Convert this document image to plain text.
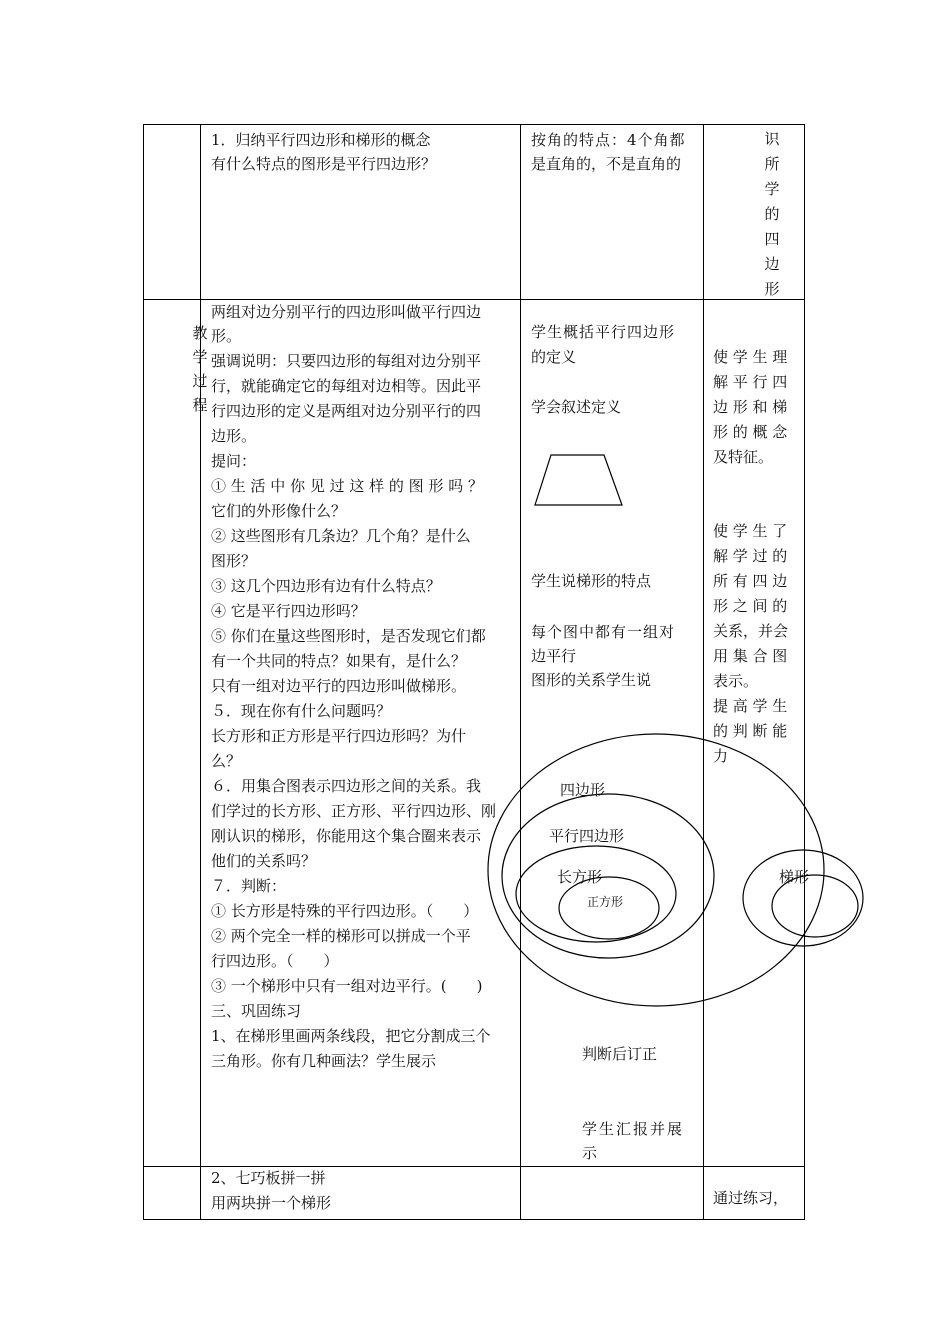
1．归纳平行四边形和梯形的概念
有什么特点的图形是平行四边形？
按角的特点：4个角都
是直角的，不是直角的
识
所
学
的
四
边
形
教
学
过
程
两组对边分别平行的四边形叫做平行四边
形。
强调说明：只要四边形的每组对边分别平
行，就能确定它的每组对边相等。因此平
行四边形的定义是两组对边分别平行的四
边形。
提问：
① 生 活 中 你 见 过 这 样 的 图 形 吗 ？
它们的外形像什么？
② 这些图形有几条边？几个角？是什么
图形？
③ 这几个四边形有边有什么特点？
④ 它是平行四边形吗？
⑤ 你们在量这些图形时，是否发现它们都
有一个共同的特点？如果有，是什么？
只有一组对边平行的四边形叫做梯形。
５．现在你有什么问题吗？
长方形和正方形是平行四边形吗？为什
么？
６．用集合图表示四边形之间的关系。我
们学过的长方形、正方形、平行四边形、刚
刚认识的梯形，你能用这个集合圈来表示
他们的关系吗？
７．判断：
① 长方形是特殊的平行四边形。（　　）
② 两个完全一样的梯形可以拼成一个平
行四边形。（　　）
③ 一个梯形中只有一组对边平行。(　　)
三、巩固练习
1、在梯形里画两条线段，把它分割成三个
三角形。你有几种画法？学生展示
学生概括平行四边形
的定义
学会叙述定义
学生说梯形的特点
每个图中都有一组对
边平行
图形的关系学生说
判断后订正
学生汇报并展
示
使 学 生 理
解 平 行 四
边 形 和 梯
形 的 概 念
及特征。
使 学 生 了
解 学 过 的
所 有 四 边
形 之 间 的
关系，并会
用 集 合 图
表示。
提 高 学 生
的 判 断 能
力
四边形
平行四边形
长方形
正方形
梯形
2、七巧板拼一拼
用两块拼一个梯形	通过练习，
